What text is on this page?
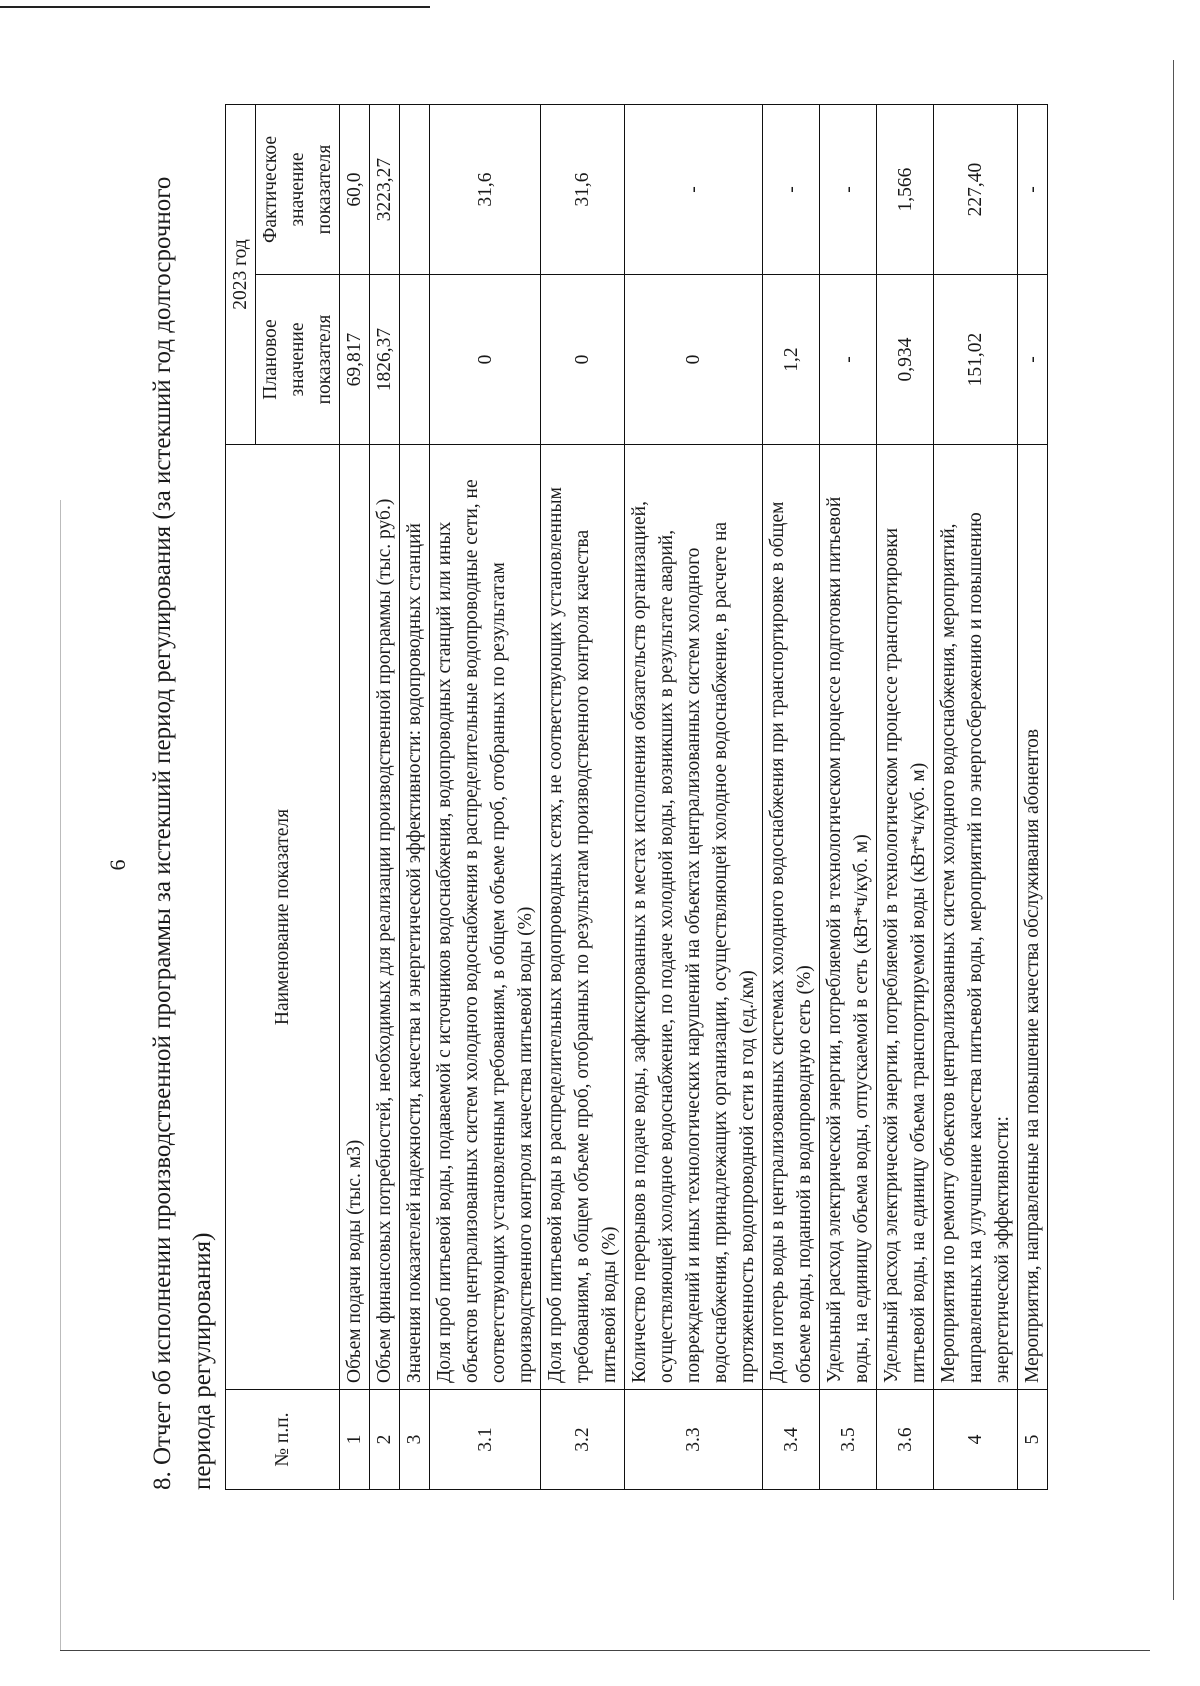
6 8. Отчет об исполнении производственной программы за истекший период регулирования (за истекший год долгосрочного периода регулирования)	№ п.п.	Наименование показателя	2023 год	
		Плановое значение показателя	Фактическое значение показателя
1	Объем подачи воды (тыс. м3)	69,817	60,0
2	Объем финансовых потребностей, необходимых для реализации производственной программы (тыс. руб.)	1826,37	3223,27
3	Значения показателей надежности, качества и энергетической эффективности: водопроводных станций		
3.1	Доля проб питьевой воды, подаваемой с источников водоснабжения, водопроводных станций или иных объектов централизованных систем холодного водоснабжения в распределительные водопроводные сети, не соответствующих установленным требованиям, в общем объеме проб, отобранных по результатам производственного контроля качества питьевой воды (%)	0	31,6
3.2	Доля проб питьевой воды в распределительных водопроводных сетях, не соответствующих установленным требованиям, в общем объеме проб, отобранных по результатам производственного контроля качества питьевой воды (%)	0	31,6
3.3	Количество перерывов в подаче воды, зафиксированных в местах исполнения обязательств организацией, осуществляющей холодное водоснабжение, по подаче холодной воды, возникших в результате аварий, повреждений и иных технологических нарушений на объектах централизованных систем холодного водоснабжения, принадлежащих организации, осуществляющей холодное водоснабжение, в расчете на протяженность водопроводной сети в год (ед./км)	0	-
3.4	Доля потерь воды в централизованных системах холодного водоснабжения при транспортировке в общем объеме воды, поданной в водопроводную сеть (%)	1,2	-
3.5	Удельный расход электрической энергии, потребляемой в технологическом процессе подготовки питьевой воды, на единицу объема воды, отпускаемой в сеть (кВт*ч/куб. м)	-	-
3.6	Удельный расход электрической энергии, потребляемой в технологическом процессе транспортировки питьевой воды, на единицу объема транспортируемой воды (кВт*ч/куб. м)	0,934	1,566
4	Мероприятия по ремонту объектов централизованных систем холодного водоснабжения, мероприятий, направленных на улучшение качества питьевой воды, мероприятий по энергосбережению и повышению энергетической эффективности:	151,02	227,40
5	Мероприятия, направленные на повышение качества обслуживания абонентов	-	-
